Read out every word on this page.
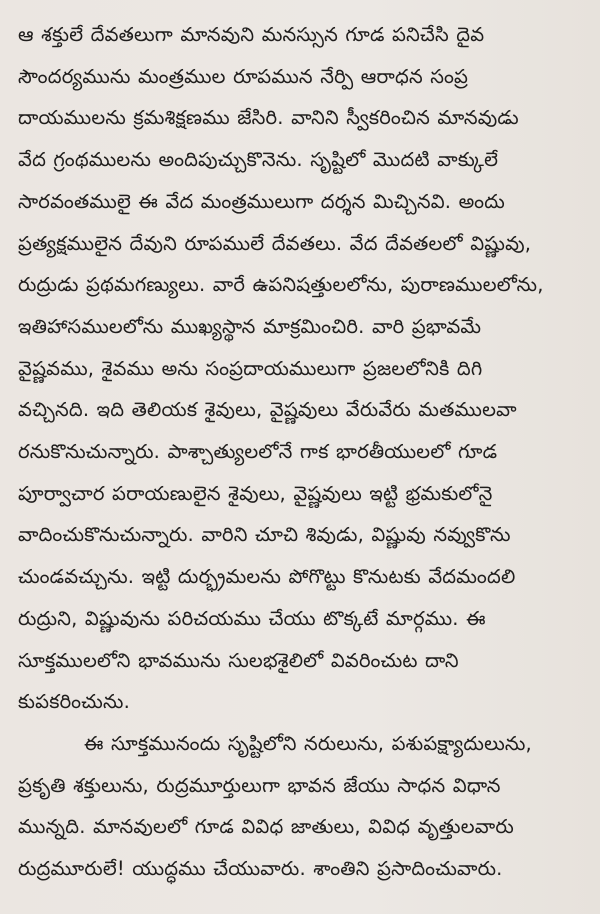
ఆ శక్తులే దేవతలుగా మానవుని మనస్సున గూడ పనిచేసి దైవ
సౌందర్యమును మంత్రముల రూపమున నేర్పి ఆరాధన సంప్ర
దాయములను క్రమశిక్షణము జేసిరి. వానిని స్వీకరించిన మానవుడు
వేద గ్రంథములను అందిపుచ్చుకొనెను. సృష్టిలో మొదటి వాక్కులే
సారవంతములై ఈ వేద మంత్రములుగా దర్శన మిచ్చినవి. అందు
ప్రత్యక్షములైన దేవుని రూపములే దేవతలు. వేద దేవతలలో విష్ణువు,
రుద్రుడు ప్రథమగణ్యులు. వారే ఉపనిషత్తులలోను, పురాణములలోను,
ఇతిహాసములలోను ముఖ్యస్థాన మాక్రమించిరి. వారి ప్రభావమే
వైష్ణవము, శైవము అను సంప్రదాయములుగా ప్రజలలోనికి దిగి
వచ్చినది. ఇది తెలియక శైవులు, వైష్ణవులు వేరువేరు మతములవా
రనుకొనుచున్నారు. పాశ్చాత్యులలోనే గాక భారతీయులలో గూడ
పూర్వాచార పరాయణులైన శైవులు, వైష్ణవులు ఇట్టి భ్రమకులోనై
వాదించుకొనుచున్నారు. వారిని చూచి శివుడు, విష్ణువు నవ్వుకొను
చుండవచ్చును. ఇట్టి దుర్భ్రమలను పోగొట్టు కొనుటకు వేదమందలి
రుద్రుని, విష్ణువును పరిచయము చేయు టొక్కటే మార్గము. ఈ
సూక్తములలోని భావమును సులభశైలిలో వివరించుట దాని
కుపకరించును.
ఈ సూక్తమునందు సృష్టిలోని నరులును, పశుపక్ష్యాదులును,
ప్రకృతి శక్తులును, రుద్రమూర్తులుగా భావన జేయు సాధన విధాన
మున్నది. మానవులలో గూడ వివిధ జాతులు, వివిధ వృత్తులవారు
రుద్రమూరులే! యుద్ధము చేయువారు. శాంతిని ప్రసాదించువారు.
